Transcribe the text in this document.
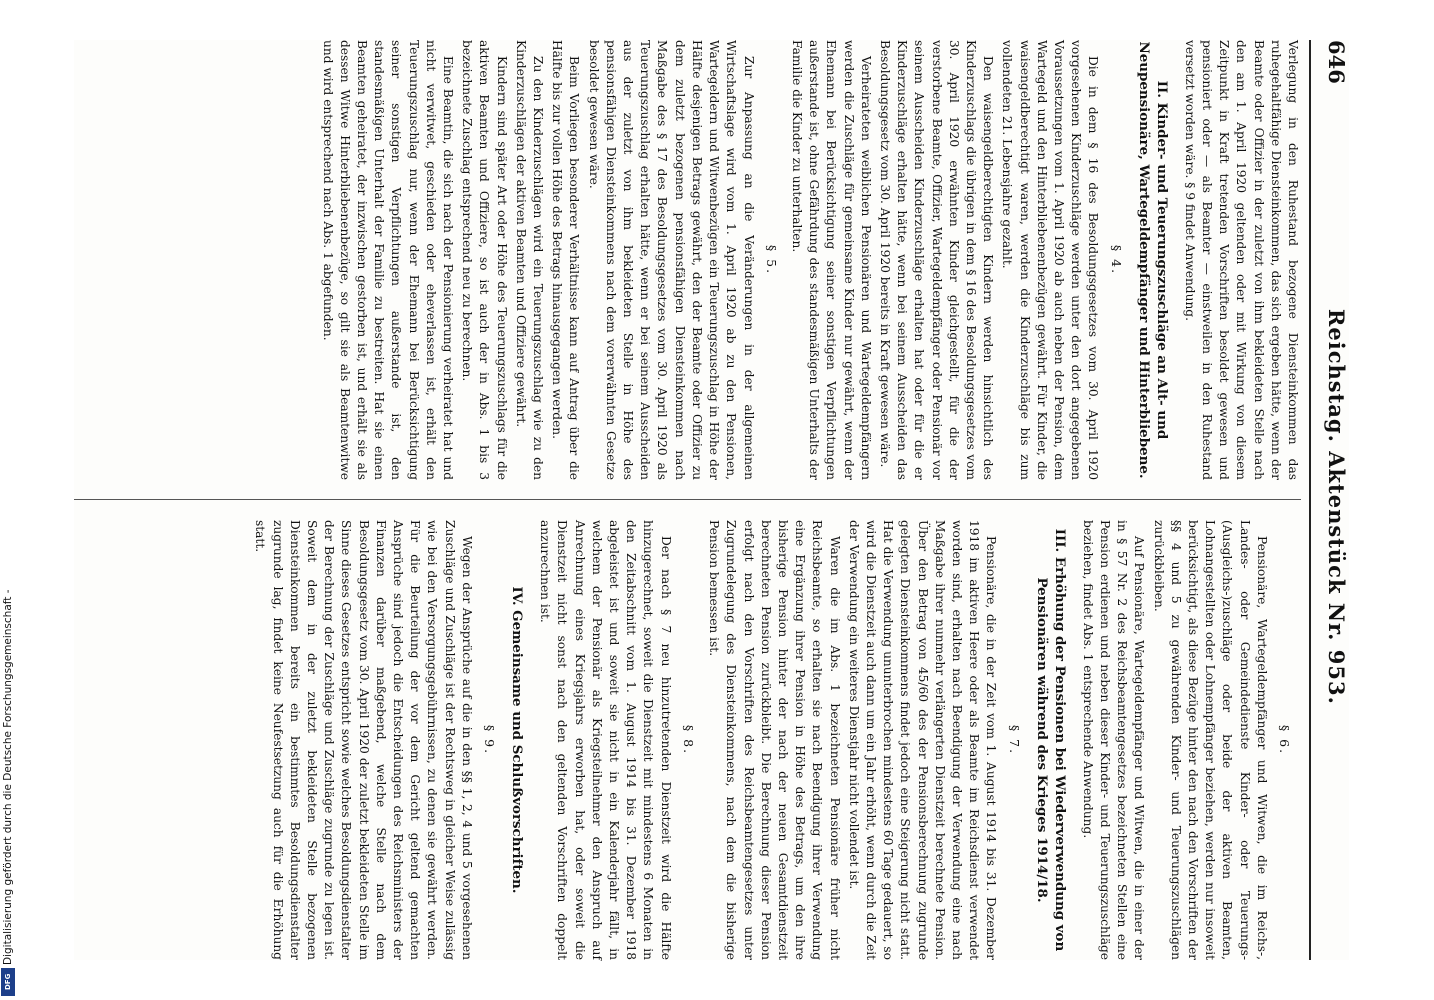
646
Reichstag. Aktenstück Nr. 953.

Verlegung in den Ruhestand bezogene Diensteinkommen das ruhegehaltfähige Diensteinkommen, das sich ergeben hätte, wenn der Beamte oder Offizier in der zuletzt von ihm bekleideten Stelle nach den am 1. April 1920 geltenden oder mit Wirkung von diesem Zeitpunkt in Kraft tretenden Vorschriften besoldet gewesen und pensioniert oder — als Beamter — einstweilen in den Ruhestand versetzt worden wäre. § 9 findet Anwendung.

II. Kinder- und Teuerungszuschläge an Alt- und Neupensionäre, Wartegeldempfänger und Hinterbliebene.
§ 4.

Die in dem § 16 des Besoldungsgesetzes vom 30. April 1920 vorgesehenen Kinderzuschläge werden unter den dort angegebenen Voraussetzungen vom 1. April 1920 ab auch neben der Pension, dem Wartegeld und den Hinterbliebenenbezügen gewährt. Für Kinder, die waisengeldberechtigt waren, werden die Kinderzuschläge bis zum vollendeten 21. Lebensjahre gezahlt.

Den waisengeldberechtigten Kindern werden hinsichtlich des Kinderzuschlags die übrigen in dem § 16 des Besoldungsgesetzes vom 30. April 1920 erwähnten Kinder gleichgestellt, für die der verstorbene Beamte, Offizier, Wartegeldempfänger oder Pensionär vor seinem Ausscheiden Kinderzuschläge erhalten hat oder für die er Kinderzuschläge erhalten hätte, wenn bei seinem Ausscheiden das Besoldungsgesetz vom 30. April 1920 bereits in Kraft gewesen wäre.

Verheirateten weiblichen Pensionären und Wartegeldempfängern werden die Zuschläge für gemeinsame Kinder nur gewährt, wenn der Ehemann bei Berücksichtigung seiner sonstigen Verpflichtungen außerstande ist, ohne Gefährdung des standesmäßigen Unterhalts der Familie die Kinder zu unterhalten.

§ 5.

Zur Anpassung an die Veränderungen in der allgemeinen Wirtschaftslage wird vom 1. April 1920 ab zu den Pensionen, Wartegeldern und Witwenbezügen ein Teuerungszuschlag in Höhe der Hälfte desjenigen Betrags gewährt, den der Beamte oder Offizier zu dem zuletzt bezogenen pensionsfähigen Diensteinkommen nach Maßgabe des § 17 des Besoldungsgesetzes vom 30. April 1920 als Teuerungszuschlag erhalten hätte, wenn er bei seinem Ausscheiden aus der zuletzt von ihm bekleideten Stelle in Höhe des pensionsfähigen Diensteinkommens nach dem vorerwähnten Gesetze besoldet gewesen wäre.

Beim Vorliegen besonderer Verhältnisse kann auf Antrag über die Hälfte bis zur vollen Höhe des Betrags hinausgegangen werden.

Zu den Kinderzuschlägen wird ein Teuerungszuschlag wie zu den Kinderzuschlägen der aktiven Beamten und Offiziere gewährt.

Kindern sind später Art oder Höhe des Teuerungszuschlags für die aktiven Beamten und Offiziere, so ist auch der in Abs. 1 bis 3 bezeichnete Zuschlag entsprechend neu zu berechnen.

Eine Beamtin, die sich nach der Pensionierung verheiratet hat und nicht verwitwet, geschieden oder eheverlassen ist, erhält den Teuerungszuschlag nur, wenn der Ehemann bei Berücksichtigung seiner sonstigen Verpflichtungen außerstande ist, den standesmäßigen Unterhalt der Familie zu bestreiten. Hat sie einen Beamten geheiratet, der inzwischen gestorben ist, und erhält sie als dessen Witwe Hinterbliebenenbezüge, so gilt sie als Beamtenwitwe und wird entsprechend nach Abs. 1 abgefunden.

§ 6.

Pensionäre, Wartegeldempfänger und Witwen, die im Reichs-, Landes- oder Gemeindedienste Kinder- oder Teuerungs-(Ausgleichs-)zuschläge oder beide der aktiven Beamten, Lohnangestellten oder Lohnempfänger beziehen, werden nur insoweit berücksichtigt, als diese Bezüge hinter den nach den Vorschriften der §§ 4 und 5 zu gewährenden Kinder- und Teuerungszuschlägen zurückbleiben.

Auf Pensionäre, Wartegeldempfänger und Witwen, die in einer der in § 57 Nr. 2 des Reichsbeamtengesetzes bezeichneten Stellen eine Pension erdienen und neben dieser Kinder- und Teuerungszuschläge beziehen, findet Abs. 1 entsprechende Anwendung.

III. Erhöhung der Pensionen bei Wiederverwendung von Pensionären während des Krieges 1914/18.
§ 7.

Pensionäre, die in der Zeit vom 1. August 1914 bis 31. Dezember 1918 im aktiven Heere oder als Beamte im Reichsdienst verwendet worden sind, erhalten nach Beendigung der Verwendung eine nach Maßgabe ihrer nunmehr verlängerten Dienstzeit berechnete Pension. Über den Betrag von 45/60 des der Pensionsberechnung zugrunde gelegten Diensteinkommens findet jedoch eine Steigerung nicht statt. Hat die Verwendung ununterbrochen mindestens 60 Tage gedauert, so wird die Dienstzeit auch dann um ein Jahr erhöht, wenn durch die Zeit der Verwendung ein weiteres Dienstjahr nicht vollendet ist.

Waren die im Abs. 1 bezeichneten Pensionäre früher nicht Reichsbeamte, so erhalten sie nach Beendigung ihrer Verwendung eine Ergänzung ihrer Pension in Höhe des Betrags, um den ihre bisherige Pension hinter der nach der neuen Gesamtdienstzeit berechneten Pension zurückbleibt. Die Berechnung dieser Pension erfolgt nach den Vorschriften des Reichsbeamtengesetzes unter Zugrundelegung des Diensteinkommens, nach dem die bisherige Pension bemessen ist.

§ 8.

Der nach § 7 neu hinzutretenden Dienstzeit wird die Hälfte hinzugerechnet, soweit die Dienstzeit mit mindestens 6 Monaten in den Zeitabschnitt vom 1. August 1914 bis 31. Dezember 1918 abgeleistet ist und soweit sie nicht in ein Kalenderjahr fällt, in welchem der Pensionär als Kriegsteilnehmer den Anspruch auf Anrechnung eines Kriegsjahrs erworben hat, oder soweit die Dienstzeit nicht sonst nach den geltenden Vorschriften doppelt anzurechnen ist.

IV. Gemeinsame und Schlußvorschriften.
§ 9.

Wegen der Ansprüche auf die in den §§ 1, 2, 4 und 5 vorgesehenen Zuschläge und Zuschläge ist der Rechtsweg in gleicher Weise zulässig wie bei den Versorgungsgebührnissen, zu denen sie gewährt werden. Für die Beurteilung der vor dem Gericht geltend gemachten Ansprüche sind jedoch die Entscheidungen des Reichsministers der Finanzen darüber maßgebend, welche Stelle nach dem Besoldungsgesetz vom 30. April 1920 der zuletzt bekleideten Stelle im Sinne dieses Gesetzes entspricht sowie welches Besoldungsdienstalter der Berechnung der Zuschläge und Zuschläge zugrunde zu legen ist. Soweit dem in der zuletzt bekleideten Stelle bezogenen Diensteinkommen bereits ein bestimmtes Besoldungsdienstalter zugrunde lag, findet keine Neufestsetzung auch für die Erhöhung statt.

Digitalisierung gefördert durch die Deutsche Forschungsgemeinschaft -
DFG
